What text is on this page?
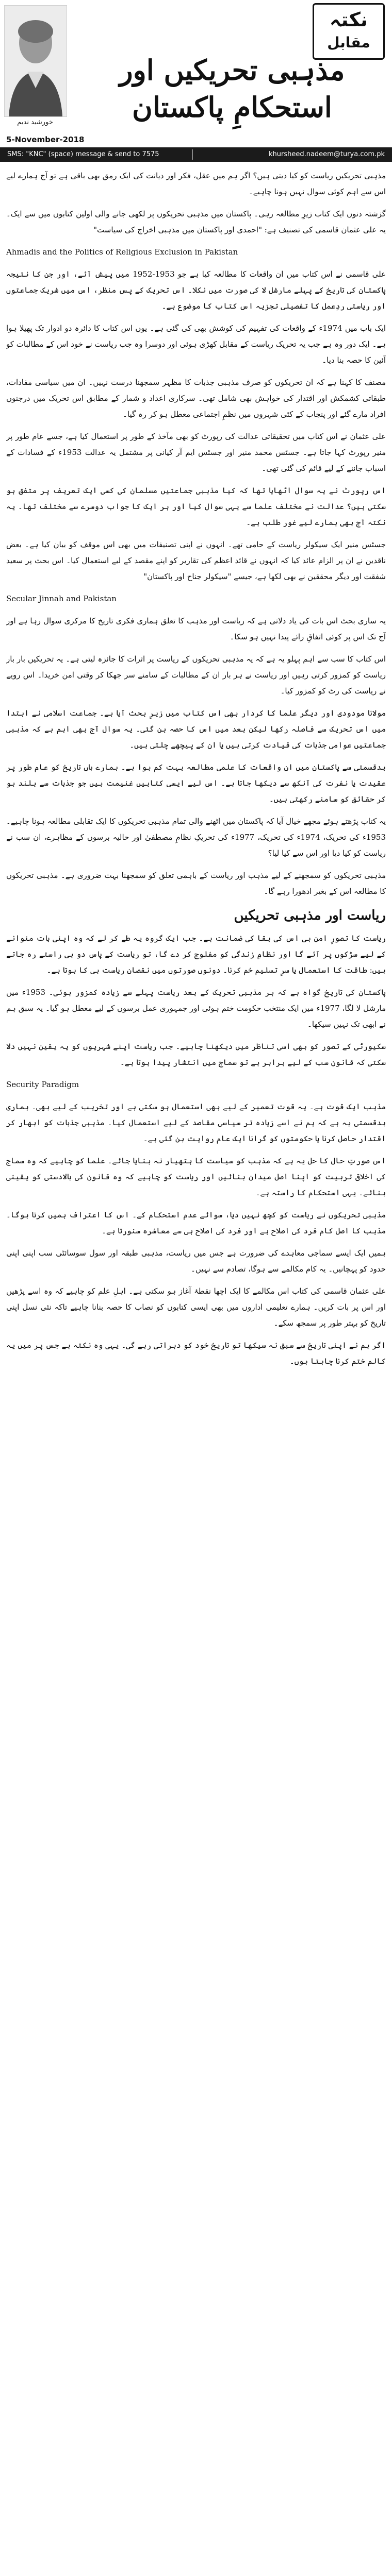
خورشید ندیم
نکتہ
مقابل
مذہبی تحریکیں اور استحکامِ پاکستان
5-November-2018
SMS: "KNC" (space) message & send to 7575	khursheed.nadeem@turya.com.pk

مذہبی تحریکیں ریاست کو کیا دیتی ہیں؟ اگر ہم میں عقل، فکر اور دیانت کی ایک رمق بھی باقی ہے تو آج ہمارے لیے اس سے اہم کوئی سوال نہیں ہونا چاہیے۔

گزشتہ دنوں ایک کتاب زیرِ مطالعہ رہی۔ پاکستان میں مذہبی تحریکوں پر لکھی جانے والی اولین کتابوں میں سے ایک۔ یہ علی عثمان قاسمی کی تصنیف ہے: "احمدی اور پاکستان میں مذہبی اخراج کی سیاست"

Ahmadis and the Politics of Religious Exclusion in Pakistan

علی قاسمی نے اس کتاب میں ان واقعات کا مطالعہ کیا ہے جو 1953-1952 میں پیش آئے، اور جن کا نتیجہ پاکستان کی تاریخ کے پہلے مارشل لا کی صورت میں نکلا۔ اس تحریک کے پس منظر، اس میں شریک جماعتوں اور ریاستی ردِعمل کا تفصیلی تجزیہ اس کتاب کا موضوع ہے۔

ایک باب میں 1974ء کے واقعات کی تفہیم کی کوشش بھی کی گئی ہے۔ یوں اس کتاب کا دائرہ دو ادوار تک پھیلا ہوا ہے۔ ایک دور وہ ہے جب یہ تحریک ریاست کے مقابل کھڑی ہوئی اور دوسرا وہ جب ریاست نے خود اس کے مطالبات کو آئین کا حصہ بنا دیا۔

مصنف کا کہنا ہے کہ ان تحریکوں کو صرف مذہبی جذبات کا مظہر سمجھنا درست نہیں۔ ان میں سیاسی مفادات، طبقاتی کشمکش اور اقتدار کی خواہش بھی شامل تھی۔ سرکاری اعداد و شمار کے مطابق اس تحریک میں درجنوں افراد مارے گئے اور پنجاب کے کئی شہروں میں نظمِ اجتماعی معطل ہو کر رہ گیا۔

علی عثمان نے اس کتاب میں تحقیقاتی عدالت کی رپورٹ کو بھی مآخذ کے طور پر استعمال کیا ہے، جسے عام طور پر منیر رپورٹ کہا جاتا ہے۔ جسٹس محمد منیر اور جسٹس ایم آر کیانی پر مشتمل یہ عدالت 1953ء کے فسادات کے اسباب جاننے کے لیے قائم کی گئی تھی۔

اس رپورٹ نے یہ سوال اٹھایا تھا کہ کیا مذہبی جماعتیں مسلمان کی کسی ایک تعریف پر متفق ہو سکتی ہیں؟ عدالت نے مختلف علما سے یہی سوال کیا اور ہر ایک کا جواب دوسرے سے مختلف تھا۔ یہ نکتہ آج بھی ہمارے لیے غور طلب ہے۔

جسٹس منیر ایک سیکولر ریاست کے حامی تھے۔ انہوں نے اپنی تصنیفات میں بھی اس موقف کو بیان کیا ہے۔ بعض ناقدین نے ان پر الزام عائد کیا کہ انہوں نے قائد اعظم کی تقاریر کو اپنے مقصد کے لیے استعمال کیا۔ اس بحث پر سعید شفقت اور دیگر محققین نے بھی لکھا ہے، جیسے "سیکولر جناح اور پاکستان"

Secular Jinnah and Pakistan

یہ ساری بحث اس بات کی یاد دلاتی ہے کہ ریاست اور مذہب کا تعلق ہماری فکری تاریخ کا مرکزی سوال رہا ہے اور آج تک اس پر کوئی اتفاقِ رائے پیدا نہیں ہو سکا۔

اس کتاب کا سب سے اہم پہلو یہ ہے کہ یہ مذہبی تحریکوں کے ریاست پر اثرات کا جائزہ لیتی ہے۔ یہ تحریکیں بار بار ریاست کو کمزور کرتی رہیں اور ریاست نے ہر بار ان کے مطالبات کے سامنے سر جھکا کر وقتی امن خریدا۔ اس رویے نے ریاست کی رٹ کو کمزور کیا۔

مولانا مودودی اور دیگر علما کا کردار بھی اس کتاب میں زیرِ بحث آیا ہے۔ جماعت اسلامی نے ابتدا میں اس تحریک سے فاصلہ رکھا لیکن بعد میں اس کا حصہ بن گئی۔ یہ سوال آج بھی اہم ہے کہ مذہبی جماعتیں عوامی جذبات کی قیادت کرتی ہیں یا ان کے پیچھے چلتی ہیں۔

بدقسمتی سے پاکستان میں ان واقعات کا علمی مطالعہ بہت کم ہوا ہے۔ ہمارے ہاں تاریخ کو عام طور پر عقیدت یا نفرت کی آنکھ سے دیکھا جاتا ہے۔ اس لیے ایسی کتابیں غنیمت ہیں جو جذبات سے بلند ہو کر حقائق کو سامنے رکھتی ہیں۔

یہ کتاب پڑھتے ہوئے مجھے خیال آیا کہ پاکستان میں اٹھنے والی تمام مذہبی تحریکوں کا ایک تقابلی مطالعہ ہونا چاہیے۔ 1953ء کی تحریک، 1974ء کی تحریک، 1977ء کی تحریکِ نظامِ مصطفیٰ اور حالیہ برسوں کے مظاہرے، ان سب نے ریاست کو کیا دیا اور اس سے کیا لیا؟

مذہبی تحریکوں کو سمجھنے کے لیے مذہب اور ریاست کے باہمی تعلق کو سمجھنا بہت ضروری ہے۔ مذہبی تحریکوں کا مطالعہ اس کے بغیر ادھورا رہے گا۔

ریاست اور مذہبی تحریکیں

ریاست کا تصورِ امن ہی اس کی بقا کی ضمانت ہے۔ جب ایک گروہ یہ طے کر لے کہ وہ اپنی بات منوانے کے لیے سڑکوں پر آئے گا اور نظامِ زندگی کو مفلوج کر دے گا، تو ریاست کے پاس دو ہی راستے رہ جاتے ہیں: طاقت کا استعمال یا سرِ تسلیم خم کرنا۔ دونوں صورتوں میں نقصان ریاست ہی کا ہوتا ہے۔

پاکستان کی تاریخ گواہ ہے کہ ہر مذہبی تحریک کے بعد ریاست پہلے سے زیادہ کمزور ہوئی۔ 1953ء میں مارشل لا لگا، 1977ء میں ایک منتخب حکومت ختم ہوئی اور جمہوری عمل برسوں کے لیے معطل ہو گیا۔ یہ سبق ہم نے ابھی تک نہیں سیکھا۔

سکیورٹی کے تصور کو بھی اسی تناظر میں دیکھنا چاہیے۔ جب ریاست اپنے شہریوں کو یہ یقین نہیں دلا سکتی کہ قانون سب کے لیے برابر ہے تو سماج میں انتشار پیدا ہوتا ہے۔

Security Paradigm

مذہب ایک قوت ہے۔ یہ قوت تعمیر کے لیے بھی استعمال ہو سکتی ہے اور تخریب کے لیے بھی۔ ہماری بدقسمتی یہ ہے کہ ہم نے اسے زیادہ تر سیاسی مقاصد کے لیے استعمال کیا۔ مذہبی جذبات کو ابھار کر اقتدار حاصل کرنا یا حکومتوں کو گرانا ایک عام روایت بن گئی ہے۔

اس صورتِ حال کا حل یہ ہے کہ مذہب کو سیاست کا ہتھیار نہ بنایا جائے۔ علما کو چاہیے کہ وہ سماج کی اخلاقی تربیت کو اپنا اصل میدان بنائیں اور ریاست کو چاہیے کہ وہ قانون کی بالادستی کو یقینی بنائے۔ یہی استحکام کا راستہ ہے۔

مذہبی تحریکوں نے ریاست کو کچھ نہیں دیا، سوائے عدم استحکام کے۔ اس کا اعتراف ہمیں کرنا ہوگا۔ مذہب کا اصل کام فرد کی اصلاح ہے اور فرد کی اصلاح ہی سے معاشرہ سنورتا ہے۔

ہمیں ایک ایسے سماجی معاہدے کی ضرورت ہے جس میں ریاست، مذہبی طبقہ اور سول سوسائٹی سب اپنی اپنی حدود کو پہچانیں۔ یہ کام مکالمے سے ہوگا، تصادم سے نہیں۔

علی عثمان قاسمی کی کتاب اس مکالمے کا ایک اچھا نقطۂ آغاز ہو سکتی ہے۔ اہلِ علم کو چاہیے کہ وہ اسے پڑھیں اور اس پر بات کریں۔ ہمارے تعلیمی اداروں میں بھی ایسی کتابوں کو نصاب کا حصہ بنانا چاہیے تاکہ نئی نسل اپنی تاریخ کو بہتر طور پر سمجھ سکے۔

اگر ہم نے اپنی تاریخ سے سبق نہ سیکھا تو تاریخ خود کو دہراتی رہے گی۔ یہی وہ نکتہ ہے جس پر میں یہ کالم ختم کرنا چاہتا ہوں۔
